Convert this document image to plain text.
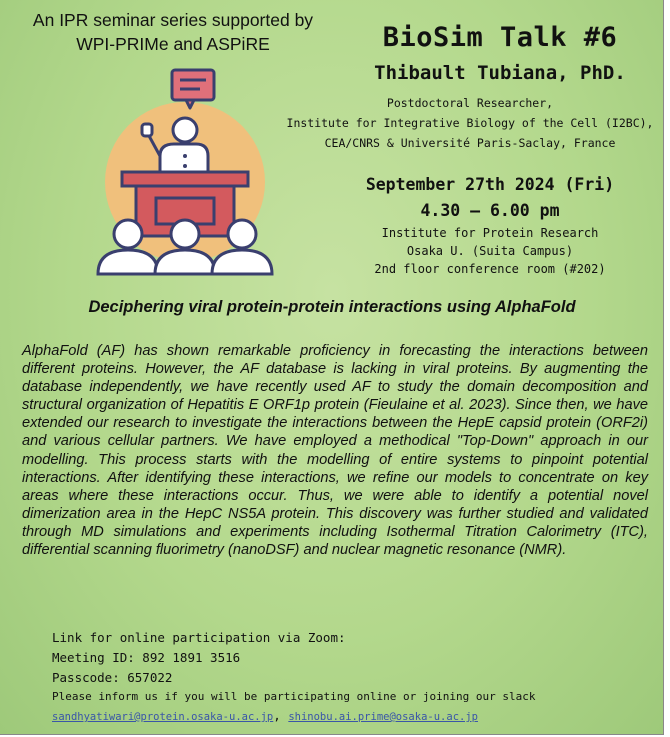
An IPR seminar series supported by
WPI-PRIMe and ASPiRE	BioSim Talk #6
Thibault Tubiana, PhD.
Postdoctoral Researcher,
Institute for Integrative Biology of the Cell (I2BC),
CEA/CNRS & Université Paris-Saclay, France
September 27th 2024 (Fri)
4.30 – 6.00 pm
Institute for Protein Research
Osaka U. (Suita Campus)
2nd floor conference room (#202)
Deciphering viral protein-protein interactions using AlphaFold
AlphaFold (AF) has shown remarkable proficiency in forecasting the interactions between different proteins. However, the AF database is lacking in viral proteins. By augmenting the database independently, we have recently used AF to study the domain decomposition and structural organization of Hepatitis E ORF1p protein (Fieulaine et al. 2023). Since then, we have extended our research to investigate the interactions between the HepE capsid protein (ORF2i) and various cellular partners. We have employed a methodical "Top-Down" approach in our modelling. This process starts with the modelling of entire systems to pinpoint potential interactions. After identifying these interactions, we refine our models to concentrate on key areas where these interactions occur. Thus, we were able to identify a potential novel dimerization area in the HepC NS5A protein. This discovery was further studied and validated through MD simulations and experiments including Isothermal Titration Calorimetry (ITC), differential scanning fluorimetry (nanoDSF) and nuclear magnetic resonance (NMR).
Link for online participation via Zoom:
Meeting ID: 892 1891 3516
Passcode: 657022
Please inform us if you will be participating online or joining our slack
sandhyatiwari@protein.osaka-u.ac.jp, shinobu.ai.prime@osaka-u.ac.jp
